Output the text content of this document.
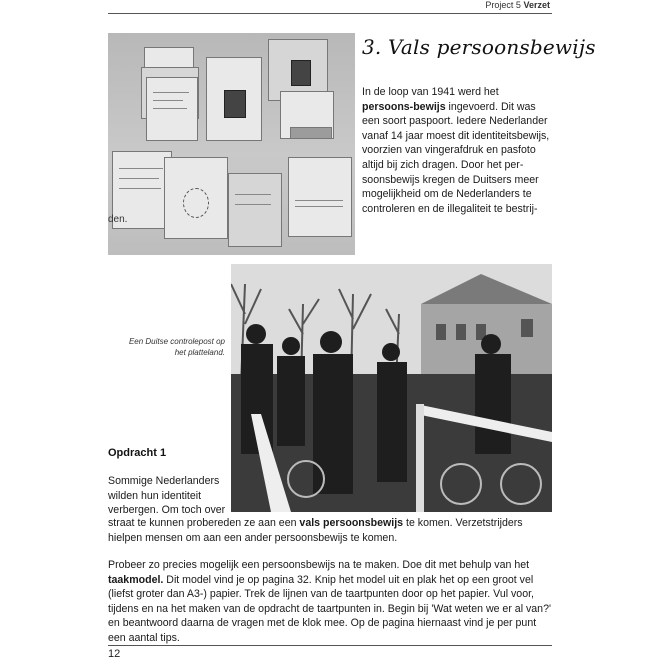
Project 5 Verzet
den.
3. Vals persoonsbewijs
In de loop van 1941 werd het persoons-bewijs ingevoerd. Dit was een soort paspoort. Iedere Nederlander vanaf 14 jaar moest dit identiteitsbewijs, voorzien van vingerafdruk en pasfoto altijd bij zich dragen. Door het per-soonsbewijs kregen de Duitsers meer mogelijkheid om de Nederlanders te controleren en de illegaliteit te bestrij-
Een Duitse controlepost op het platteland.
Opdracht 1
Sommige Nederlanders
wilden hun identiteit
verbergen. Om toch over
straat te kunnen probereden ze aan een vals persoonsbewijs te komen. Verzetstrijders hielpen mensen om aan een ander persoonsbewijs te komen.
Probeer zo precies mogelijk een persoonsbewijs na te maken. Doe dit met behulp van het taakmodel. Dit model vind je op pagina 32. Knip het model uit en plak het op een groot vel (liefst groter dan A3-) papier. Trek de lijnen van de taartpunten door op het papier. Vul voor, tijdens en na het maken van de opdracht de taartpunten in. Begin bij 'Wat weten we er al van?' en beantwoord daarna de vragen met de klok mee. Op de pagina hiernaast vind je per punt een aantal tips.
12
